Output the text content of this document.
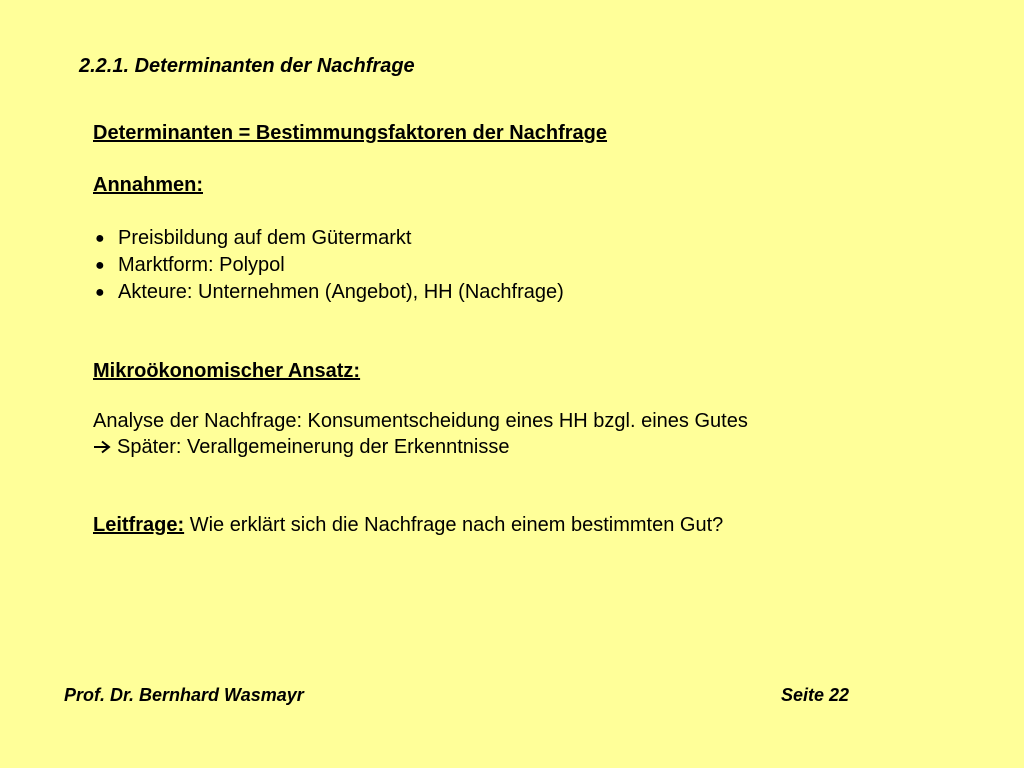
2.2.1. Determinanten der Nachfrage
Determinanten = Bestimmungsfaktoren der Nachfrage
Annahmen:
● Preisbildung auf dem Gütermarkt
● Marktform: Polypol
● Akteure: Unternehmen (Angebot), HH (Nachfrage)
Mikroökonomischer Ansatz:
Analyse der Nachfrage: Konsumentscheidung eines HH bzgl. eines Gutes
Später: Verallgemeinerung der Erkenntnisse
Leitfrage: Wie erklärt sich die Nachfrage nach einem bestimmten Gut?
Prof. Dr. Bernhard Wasmayr	Seite 22
